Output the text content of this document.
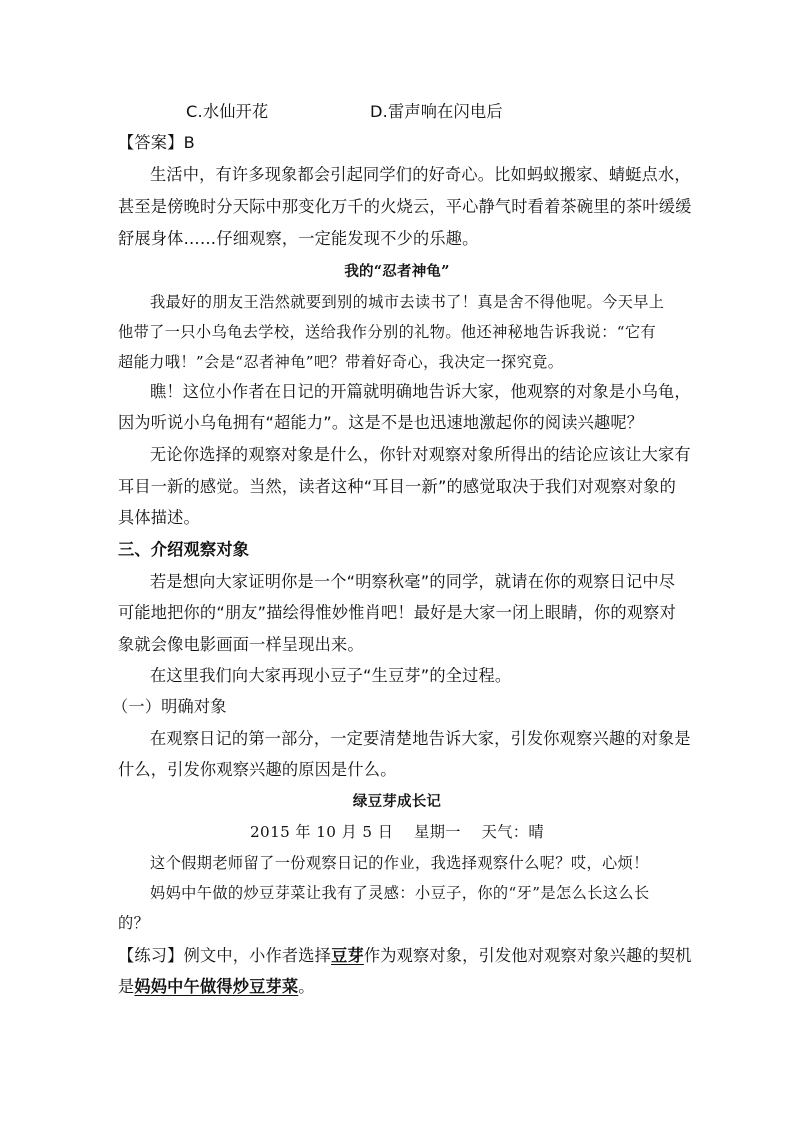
C.水仙开花	D.雷声响在闪电后
【答案】B
生活中，有许多现象都会引起同学们的好奇心。比如蚂蚁搬家、蜻蜓点水，
甚至是傍晚时分天际中那变化万千的火烧云，平心静气时看着茶碗里的茶叶缓缓
舒展身体……仔细观察，一定能发现不少的乐趣。
我的“忍者神龟”
我最好的朋友王浩然就要到别的城市去读书了！真是舍不得他呢。今天早上
他带了一只小乌龟去学校，送给我作分别的礼物。他还神秘地告诉我说：“它有
超能力哦！”会是“忍者神龟”吧？带着好奇心，我决定一探究竟。
瞧！这位小作者在日记的开篇就明确地告诉大家，他观察的对象是小乌龟，
因为听说小乌龟拥有“超能力”。这是不是也迅速地激起你的阅读兴趣呢？
无论你选择的观察对象是什么，你针对观察对象所得出的结论应该让大家有
耳目一新的感觉。当然，读者这种“耳目一新”的感觉取决于我们对观察对象的
具体描述。
三、介绍观察对象
若是想向大家证明你是一个“明察秋毫”的同学，就请在你的观察日记中尽
可能地把你的“朋友”描绘得惟妙惟肖吧！最好是大家一闭上眼睛，你的观察对
象就会像电影画面一样呈现出来。
在这里我们向大家再现小豆子“生豆芽”的全过程。
（一）明确对象
在观察日记的第一部分，一定要清楚地告诉大家，引发你观察兴趣的对象是
什么，引发你观察兴趣的原因是什么。
绿豆芽成长记
2015 年 10 月 5 日　 星期一　 天气：晴
这个假期老师留了一份观察日记的作业，我选择观察什么呢？哎，心烦！
妈妈中午做的炒豆芽菜让我有了灵感：小豆子，你的“牙”是怎么长这么长
的？
【练习】例文中，小作者选择豆芽作为观察对象，引发他对观察对象兴趣的契机
是妈妈中午做得炒豆芽菜。
